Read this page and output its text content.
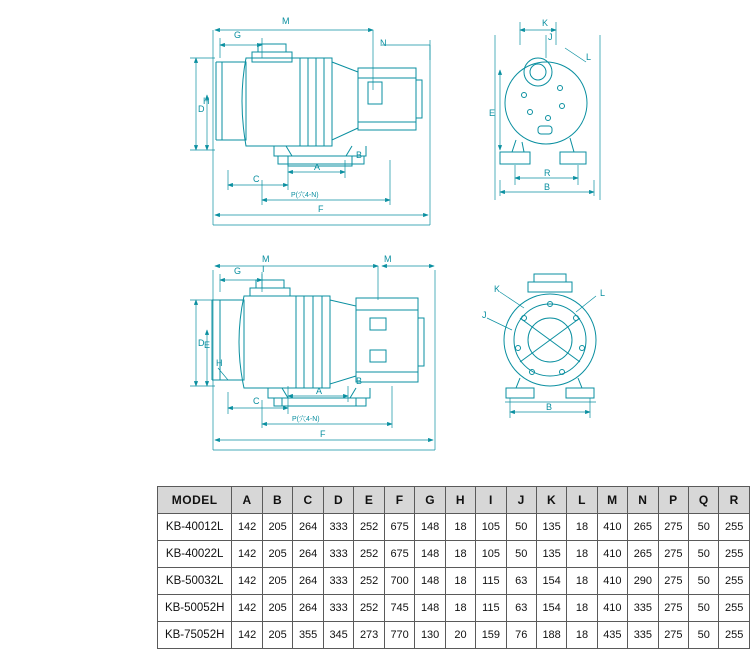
M
N
G
D
H
C
A
B
P(穴4-N)
F
K
L
J
E
R
B
M	M
G I
D E
H
C
A
B
P(穴4-N)
F
K	L
J
B
MODEL	A	B	C	D	E	F	G	H	I	J	K	L	M	N	P	Q	R
KB-40012L	142	205	264	333	252	675	148	18	105	50	135	18	410	265	275	50	255
KB-40022L	142	205	264	333	252	675	148	18	105	50	135	18	410	265	275	50	255
KB-50032L	142	205	264	333	252	700	148	18	115	63	154	18	410	290	275	50	255
KB-50052H	142	205	264	333	252	745	148	18	115	63	154	18	410	335	275	50	255
KB-75052H	142	205	355	345	273	770	130	20	159	76	188	18	435	335	275	50	255
